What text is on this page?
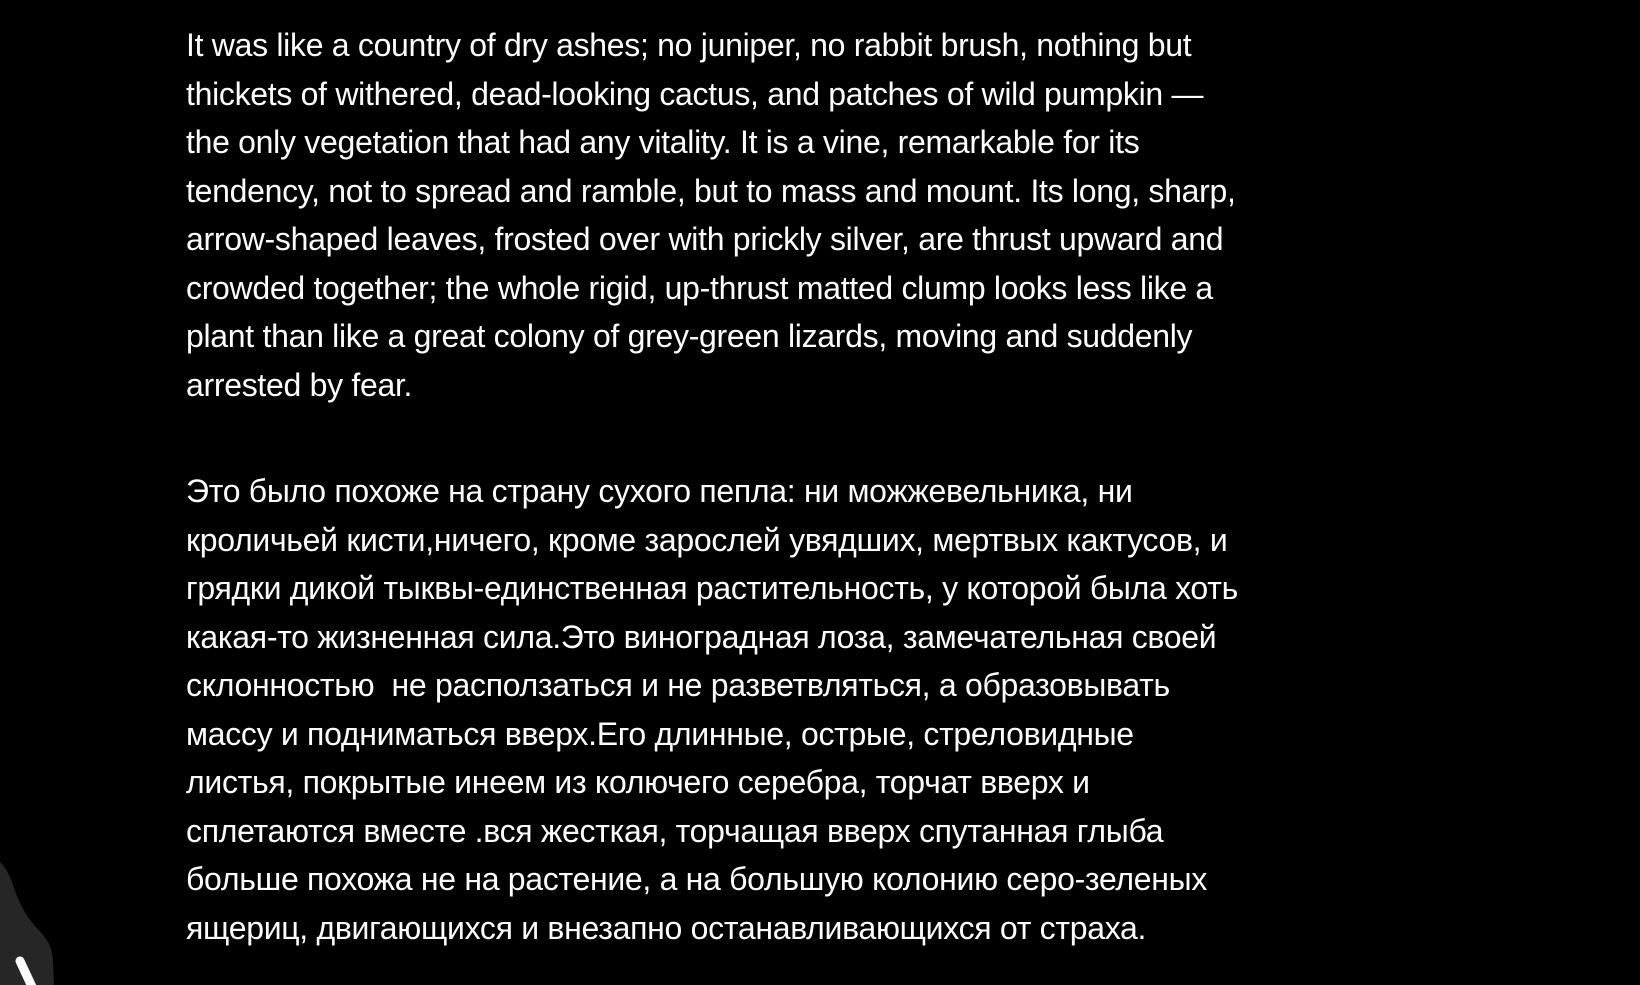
It was like a country of dry ashes; no juniper, no rabbit brush, nothing but
thickets of withered, dead-looking cactus, and patches of wild pumpkin —
the only vegetation that had any vitality. It is a vine, remarkable for its
tendency, not to spread and ramble, but to mass and mount. Its long, sharp,
arrow-shaped leaves, frosted over with prickly silver, are thrust upward and
crowded together; the whole rigid, up-thrust matted clump looks less like a
plant than like a great colony of grey-green lizards, moving and suddenly
arrested by fear.

Это было похоже на страну сухого пепла: ни можжевельника, ни
кроличьей кисти,ничего, кроме зарослей увядших, мертвых кактусов, и
грядки дикой тыквы-единственная растительность, у которой была хоть
какая-то жизненная сила.Это виноградная лоза, замечательная своей
склонностью  не расползаться и не разветвляться, а образовывать
массу и подниматься вверх.Его длинные, острые, стреловидные
листья, покрытые инеем из колючего серебра, торчат вверх и
сплетаются вместе .вся жесткая, торчащая вверх спутанная глыба
больше похожа не на растение, а на большую колонию серо-зеленых
ящериц, двигающихся и внезапно останавливающихся от страха.
